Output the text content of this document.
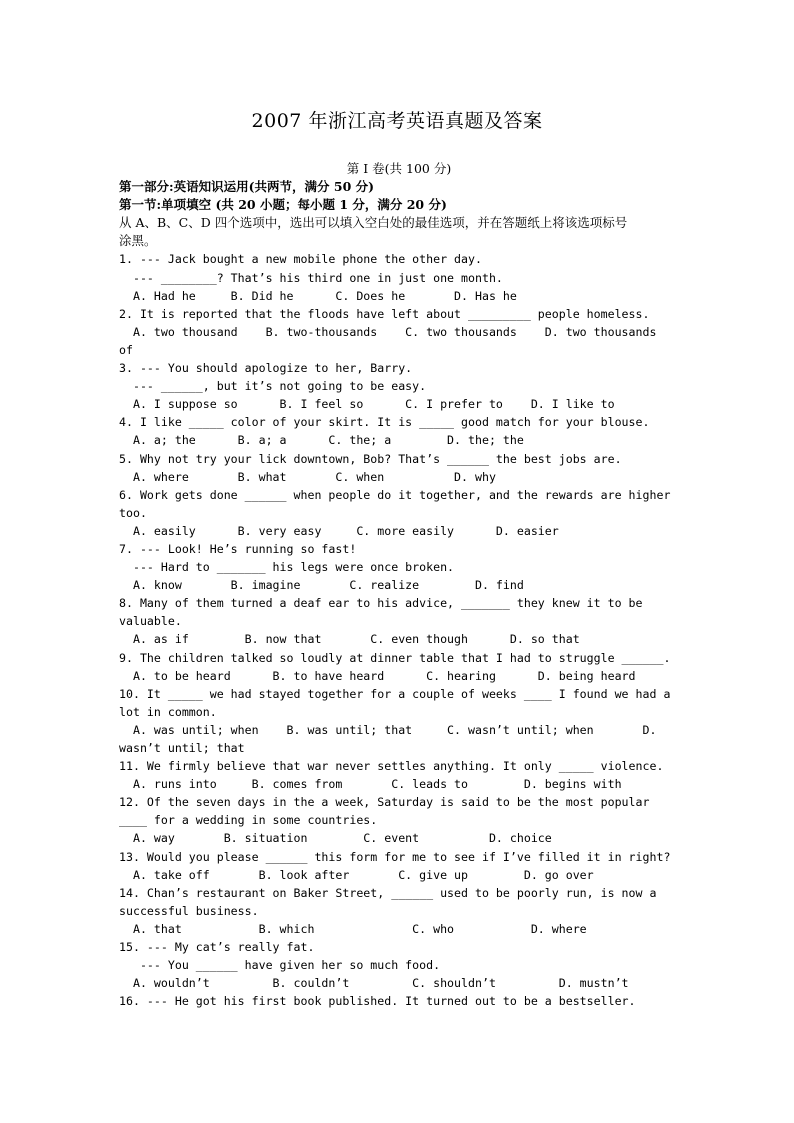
2007 年浙江高考英语真题及答案
第 I 卷(共 100 分)
第一部分:英语知识运用(共两节，满分 50 分)
第一节:单项填空 (共 20 小题；每小题 1 分，满分 20 分)
从 A、B、C、D 四个选项中，选出可以填入空白处的最佳选项，并在答题纸上将该选项标号
涂黑。
1. --- Jack bought a new mobile phone the other day.
--- ________? That’s his third one in just one month.
A. Had he     B. Did he      C. Does he       D. Has he
2. It is reported that the floods have left about _________ people homeless.
A. two thousand    B. two-thousands    C. two thousands    D. two thousands
of
3. --- You should apologize to her, Barry.
--- ______, but it’s not going to be easy.
A. I suppose so      B. I feel so      C. I prefer to    D. I like to
4. I like _____ color of your skirt. It is _____ good match for your blouse.
A. a; the      B. a; a      C. the; a        D. the; the
5. Why not try your lick downtown, Bob? That’s ______ the best jobs are.
A. where       B. what       C. when          D. why
6. Work gets done ______ when people do it together, and the rewards are higher
too.
A. easily      B. very easy     C. more easily      D. easier
7. --- Look! He’s running so fast!
--- Hard to _______ his legs were once broken.
A. know       B. imagine       C. realize        D. find
8. Many of them turned a deaf ear to his advice, _______ they knew it to be
valuable.
A. as if        B. now that       C. even though      D. so that
9. The children talked so loudly at dinner table that I had to struggle ______.
A. to be heard      B. to have heard      C. hearing      D. being heard
10. It _____ we had stayed together for a couple of weeks ____ I found we had a
lot in common.
A. was until; when    B. was until; that     C. wasn’t until; when       D.
wasn’t until; that
11. We firmly believe that war never settles anything. It only _____ violence.
A. runs into     B. comes from       C. leads to        D. begins with
12. Of the seven days in the a week, Saturday is said to be the most popular
____ for a wedding in some countries.
A. way       B. situation        C. event          D. choice
13. Would you please ______ this form for me to see if I’ve filled it in right?
A. take off       B. look after       C. give up        D. go over
14. Chan’s restaurant on Baker Street, ______ used to be poorly run, is now a
successful business.
A. that           B. which              C. who           D. where
15. --- My cat’s really fat.
--- You ______ have given her so much food.
A. wouldn’t         B. couldn’t         C. shouldn’t         D. mustn’t
16. --- He got his first book published. It turned out to be a bestseller.
